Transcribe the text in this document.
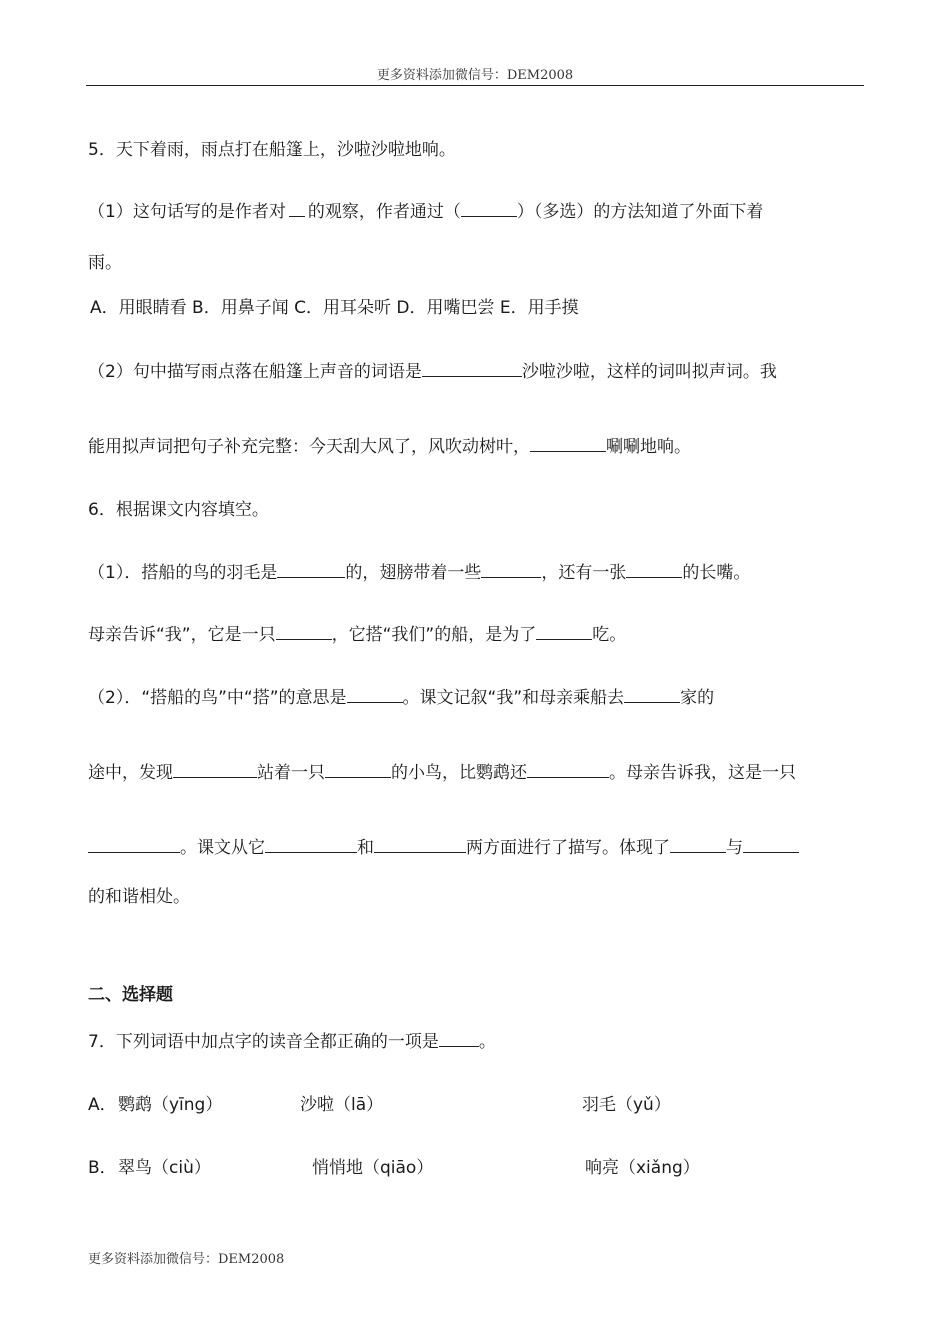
更多资料添加微信号：DEM2008
5．天下着雨，雨点打在船篷上，沙啦沙啦地响。
（1）这句话写的是作者对 的观察，作者通过（	）（多选）的方法知道了外面下着
雨。
A．用眼睛看 B．用鼻子闻 C．用耳朵听 D．用嘴巴尝 E．用手摸
（2）句中描写雨点落在船篷上声音的词语是	沙啦沙啦，这样的词叫拟声词。我
能用拟声词把句子补充完整：今天刮大风了，风吹动树叶，	唰唰地响。
6．根据课文内容填空。
（1）．搭船的鸟的羽毛是	的，翅膀带着一些	，还有一张	的长嘴。
母亲告诉“我”，它是一只	，它搭“我们”的船，是为了	吃。
（2）．“搭船的鸟”中“搭”的意思是	。课文记叙“我”和母亲乘船去	家的
途中，发现	站着一只	的小鸟，比鹦鹉还	。母亲告诉我，这是一只
。课文从它	和	两方面进行了描写。体现了	与
的和谐相处。
二、选择题
7．下列词语中加点字的读音全都正确的一项是 。
A． 鹦鹉（yīng）	沙啦（lā）	羽毛（yǔ）
B． 翠鸟（ciù）	悄悄地（qiāo）	响亮（xiǎng）
更多资料添加微信号：DEM2008
